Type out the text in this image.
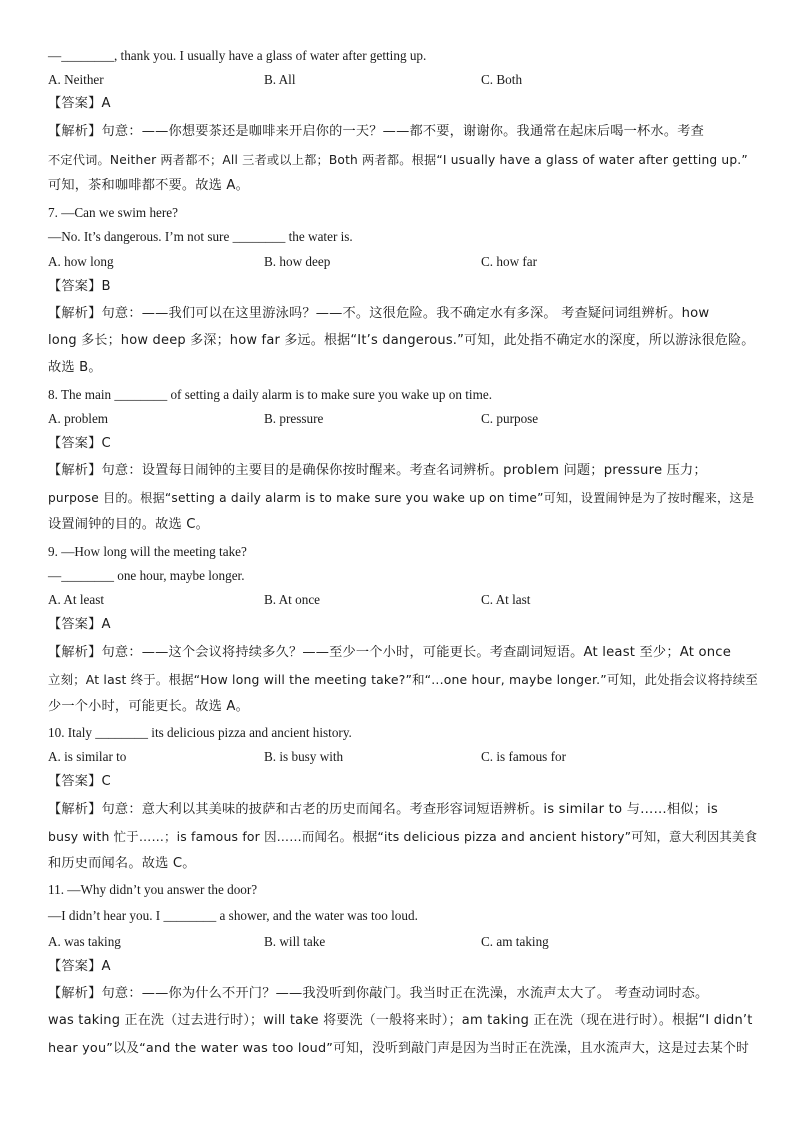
—________, thank you. I usually have a glass of water after getting up.
A. Neither	B. All	C. Both
【答案】A
【解析】句意：——你想要茶还是咖啡来开启你的一天？——都不要，谢谢你。我通常在起床后喝一杯水。考查
不定代词。Neither 两者都不；All 三者或以上都；Both 两者都。根据“I usually have a glass of water after getting up.”
可知，茶和咖啡都不要。故选 A。
7. —Can we swim here?
—No. It’s dangerous. I’m not sure ________ the water is.
A. how long	B. how deep	C. how far
【答案】B
【解析】句意：——我们可以在这里游泳吗？——不。这很危险。我不确定水有多深。 考查疑问词组辨析。how
long 多长；how deep 多深；how far 多远。根据“It’s dangerous.”可知，此处指不确定水的深度，所以游泳很危险。
故选 B。
8. The main ________ of setting a daily alarm is to make sure you wake up on time.
A. problem	B. pressure	C. purpose
【答案】C
【解析】句意：设置每日闹钟的主要目的是确保你按时醒来。考查名词辨析。problem 问题；pressure 压力；
purpose 目的。根据“setting a daily alarm is to make sure you wake up on time”可知，设置闹钟是为了按时醒来，这是
设置闹钟的目的。故选 C。
9. —How long will the meeting take?
—________ one hour, maybe longer.
A. At least	B. At once	C. At last
【答案】A
【解析】句意：——这个会议将持续多久？——至少一个小时，可能更长。考查副词短语。At least 至少；At once
立刻；At last 终于。根据“How long will the meeting take?”和“...one hour, maybe longer.”可知，此处指会议将持续至
少一个小时，可能更长。故选 A。
10. Italy ________ its delicious pizza and ancient history.
A. is similar to	B. is busy with	C. is famous for
【答案】C
【解析】句意：意大利以其美味的披萨和古老的历史而闻名。考查形容词短语辨析。is similar to 与……相似；is
busy with 忙于……；is famous for 因……而闻名。根据“its delicious pizza and ancient history”可知，意大利因其美食
和历史而闻名。故选 C。
11. —Why didn’t you answer the door?
—I didn’t hear you. I ________ a shower, and the water was too loud.
A. was taking	B. will take	C. am taking
【答案】A
【解析】句意：——你为什么不开门？——我没听到你敲门。我当时正在洗澡，水流声太大了。 考查动词时态。
was taking 正在洗（过去进行时）；will take 将要洗（一般将来时）；am taking 正在洗（现在进行时）。根据“I didn’t
hear you”以及“and the water was too loud”可知，没听到敲门声是因为当时正在洗澡，且水流声大，这是过去某个时
